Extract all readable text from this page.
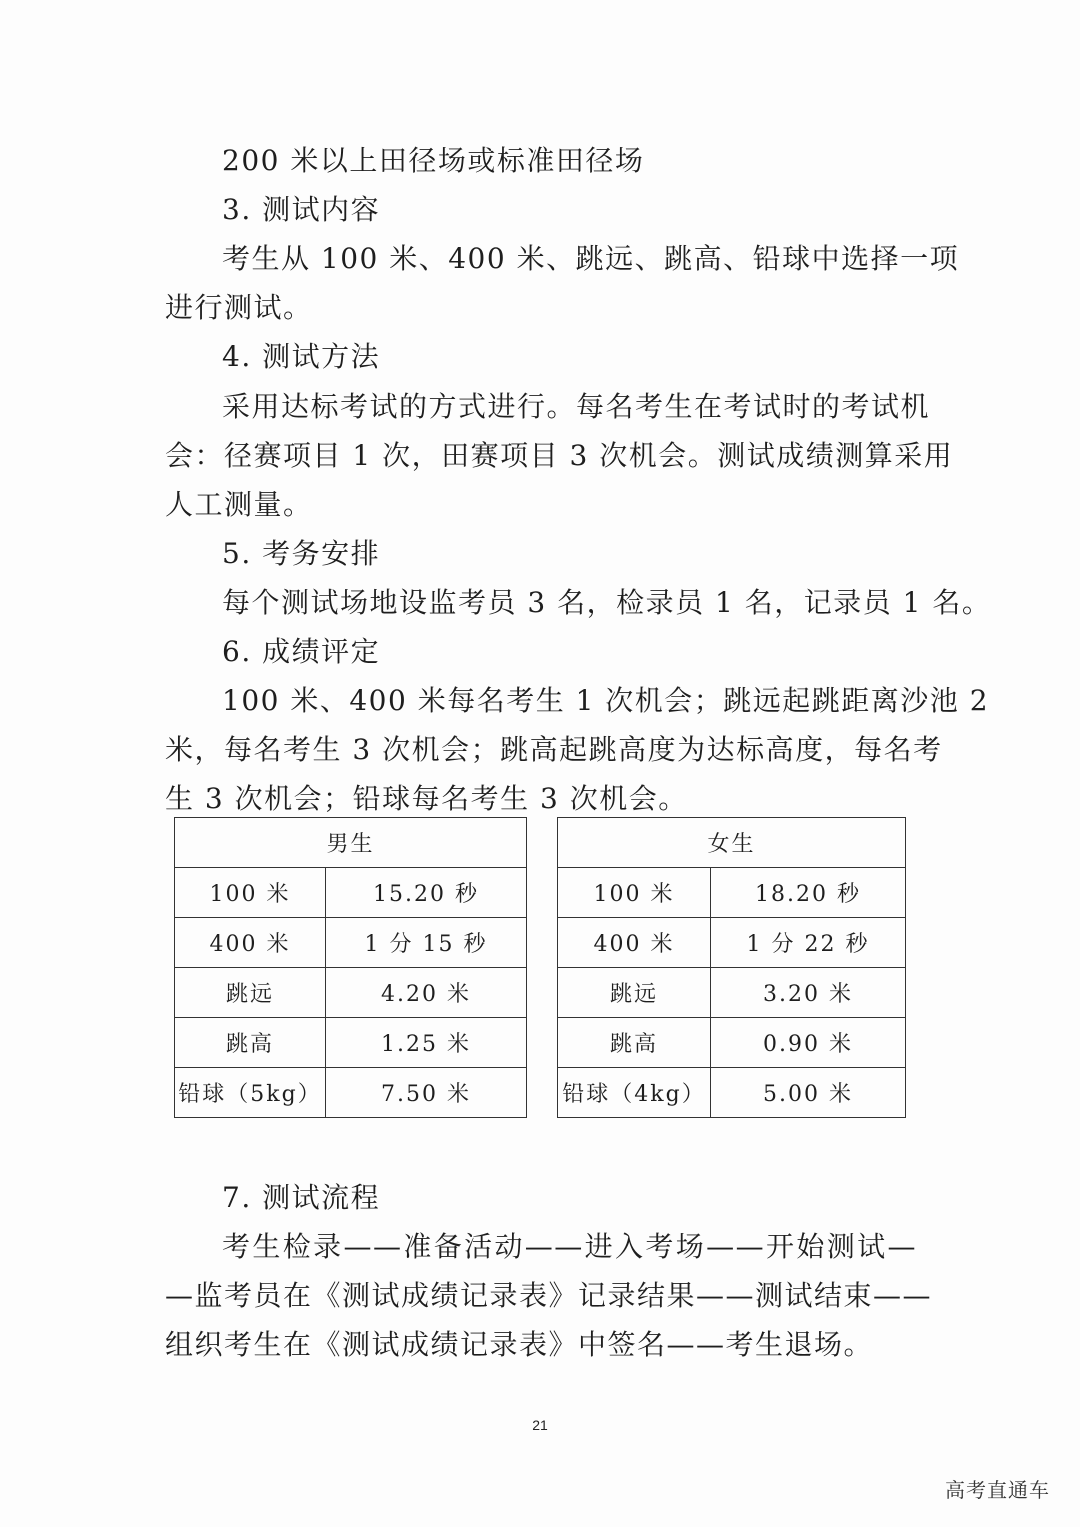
200 米以上田径场或标准田径场
3. 测试内容
考生从 100 米、400 米、跳远、跳高、铅球中选择一项
进行测试。
4. 测试方法
采用达标考试的方式进行。每名考生在考试时的考试机
会：径赛项目 1 次，田赛项目 3 次机会。测试成绩测算采用
人工测量。
5. 考务安排
每个测试场地设监考员 3 名，检录员 1 名，记录员 1 名。
6. 成绩评定
100 米、400 米每名考生 1 次机会；跳远起跳距离沙池 2
米，每名考生 3 次机会；跳高起跳高度为达标高度，每名考
生 3 次机会；铅球每名考生 3 次机会。
男生	
100 米	15.20 秒
400 米	1 分 15 秒
跳远	4.20 米
跳高	1.25 米
铅球（5kg）	7.50 米
女生	
100 米	18.20 秒
400 米	1 分 22 秒
跳远	3.20 米
跳高	0.90 米
铅球（4kg）	5.00 米
7. 测试流程
考生检录——准备活动——进入考场——开始测试—
—监考员在《测试成绩记录表》记录结果——测试结束——
组织考生在《测试成绩记录表》中签名——考生退场。
21
高考直通车
